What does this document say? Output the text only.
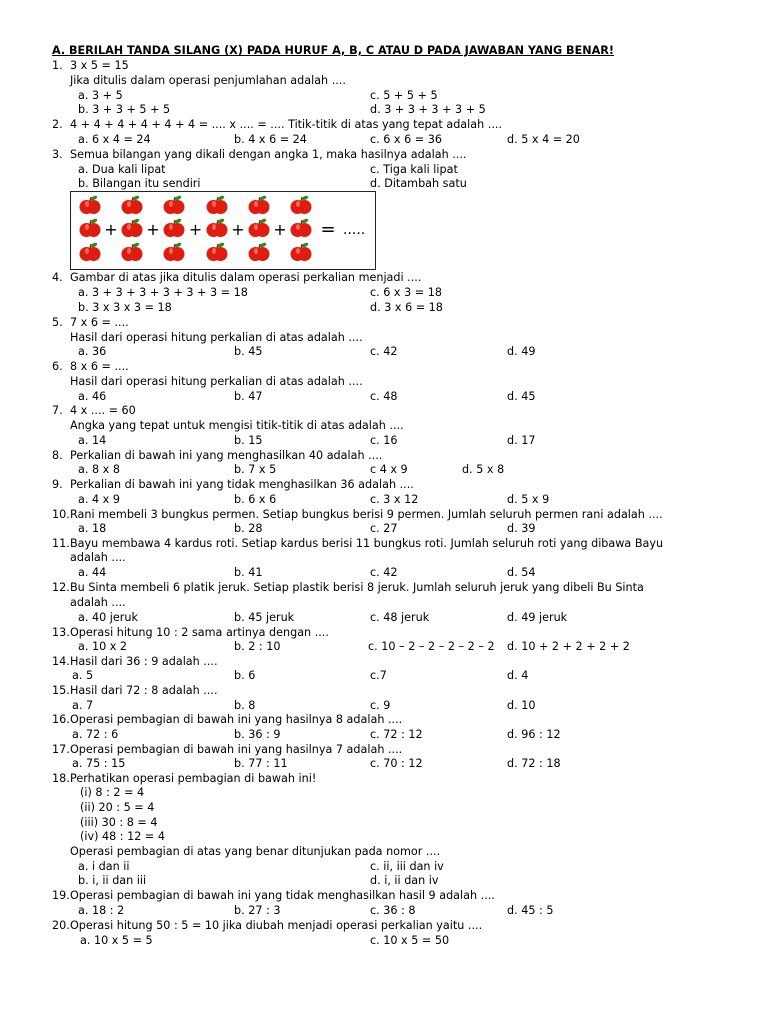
A. BERILAH TANDA SILANG (X) PADA HURUF A, B, C ATAU D PADA JAWABAN YANG BENAR!
1. 3 x 5 = 15
Jika ditulis dalam operasi penjumlahan adalah ....
a. 3 + 5	c. 5 + 5 + 5
b. 3 + 3 + 5 + 5	d. 3 + 3 + 3 + 3 + 5
2. 4 + 4 + 4 + 4 + 4 + 4 = .... x .... = .... Titik-titik di atas yang tepat adalah ....
a. 6 x 4 = 24	b. 4 x 6 = 24	c. 6 x 6 = 36	d. 5 x 4 = 20
3. Semua bilangan yang dikali dengan angka 1, maka hasilnya adalah ....
a. Dua kali lipat	c. Tiga kali lipat
b. Bilangan itu sendiri	d. Ditambah satu
4. Gambar di atas jika ditulis dalam operasi perkalian menjadi ....
a. 3 + 3 + 3 + 3 + 3 + 3 = 18	c. 6 x 3 = 18
b. 3 x 3 x 3 = 18	d. 3 x 6 = 18
5. 7 x 6 = ....
Hasil dari operasi hitung perkalian di atas adalah ....
a. 36	b. 45	c. 42	d. 49
6. 8 x 6 = ....
Hasil dari operasi hitung perkalian di atas adalah ....
a. 46	b. 47	c. 48	d. 45
7. 4 x .... = 60
Angka yang tepat untuk mengisi titik-titik di atas adalah ....
a. 14	b. 15	c. 16	d. 17
8. Perkalian di bawah ini yang menghasilkan 40 adalah ....
a. 8 x 8	b. 7 x 5	c 4 x 9	d. 5 x 8
9. Perkalian di bawah ini yang tidak menghasilkan 36 adalah ....
a. 4 x 9	b. 6 x 6	c. 3 x 12	d. 5 x 9
10. Rani membeli 3 bungkus permen. Setiap bungkus berisi 9 permen. Jumlah seluruh permen rani adalah ....
a. 18	b. 28	c. 27	d. 39
11. Bayu membawa 4 kardus roti. Setiap kardus berisi 11 bungkus roti. Jumlah seluruh roti yang dibawa Bayu
adalah ....
a. 44	b. 41	c. 42	d. 54
12. Bu Sinta membeli 6 platik jeruk. Setiap plastik berisi 8 jeruk. Jumlah seluruh jeruk yang dibeli Bu Sinta
adalah ....
a. 40 jeruk	b. 45 jeruk	c. 48 jeruk	d. 49 jeruk
13. Operasi hitung 10 : 2 sama artinya dengan ....
a. 10 x 2	b. 2 : 10	c. 10 – 2 – 2 – 2 – 2 – 2 d. 10 + 2 + 2 + 2 + 2
14. Hasil dari 36 : 9 adalah ....
a. 5	b. 6	c.7	d. 4
15. Hasil dari 72 : 8 adalah ....
a. 7	b. 8	c. 9	d. 10
16. Operasi pembagian di bawah ini yang hasilnya 8 adalah ....
a. 72 : 6	b. 36 : 9	c. 72 : 12	d. 96 : 12
17. Operasi pembagian di bawah ini yang hasilnya 7 adalah ....
a. 75 : 15	b. 77 : 11	c. 70 : 12	d. 72 : 18
18. Perhatikan operasi pembagian di bawah ini!
(i) 8 : 2 = 4
(ii) 20 : 5 = 4
(iii) 30 : 8 = 4
(iv) 48 : 12 = 4
Operasi pembagian di atas yang benar ditunjukan pada nomor ....
a. i dan ii	c. ii, iii dan iv
b. i, ii dan iii	d. i, ii dan iv
19. Operasi pembagian di bawah ini yang tidak menghasilkan hasil 9 adalah ....
a. 18 : 2	b. 27 : 3	c. 36 : 8	d. 45 : 5
20. Operasi hitung 50 : 5 = 10 jika diubah menjadi operasi perkalian yaitu ....
a. 10 x 5 = 5	c. 10 x 5 = 50
+ + + + + = .....
